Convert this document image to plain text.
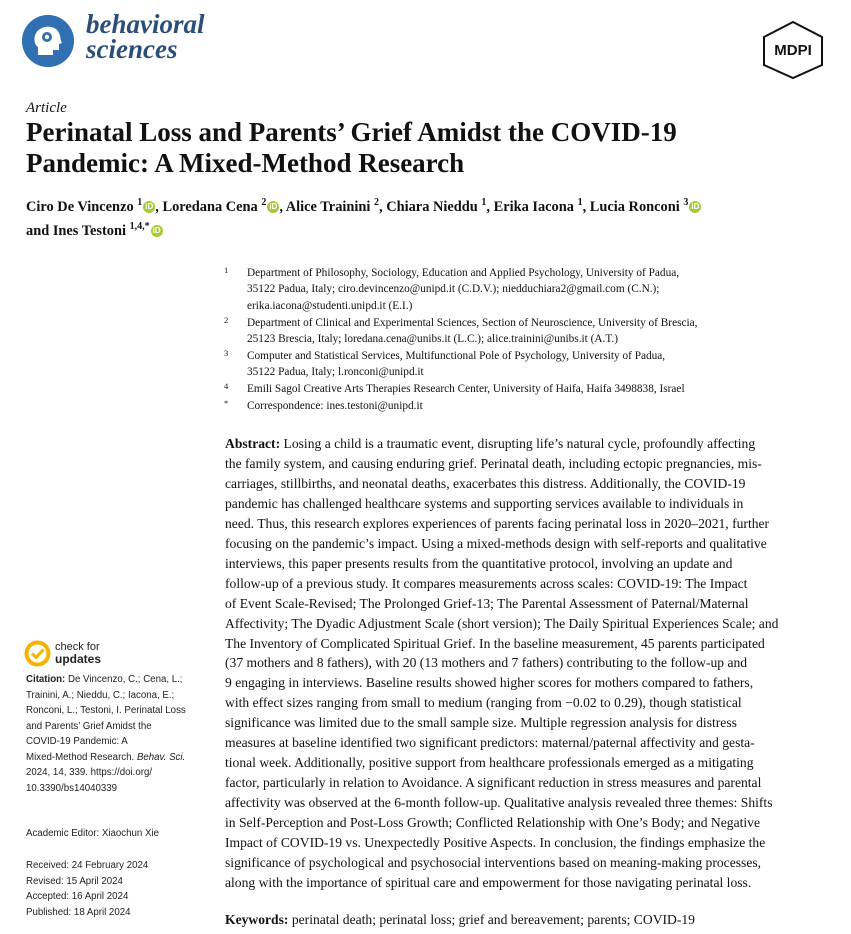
behavioral
sciences	MDPI
Article
Perinatal Loss and Parents’ Grief Amidst the COVID-19
Pandemic: A Mixed-Method Research
Ciro De Vincenzo $^1$ iD , Loredana Cena $^2$ iD , Alice Trainini $^2$, Chiara Nieddu $^1$, Erika Iacona $^1$, Lucia Ronconi $^3$ iD
and Ines Testoni $^{1,4,*}$ iD
1 Department of Philosophy, Sociology, Education and Applied Psychology, University of Padua,
35122 Padua, Italy; ciro.devincenzo@unipd.it (C.D.V.); niedduchiara2@gmail.com (C.N.);
erika.iacona@studenti.unipd.it (E.I.)
2 Department of Clinical and Experimental Sciences, Section of Neuroscience, University of Brescia,
25123 Brescia, Italy; loredana.cena@unibs.it (L.C.); alice.trainini@unibs.it (A.T.)
3 Computer and Statistical Services, Multifunctional Pole of Psychology, University of Padua,
35122 Padua, Italy; l.ronconi@unipd.it
4 Emili Sagol Creative Arts Therapies Research Center, University of Haifa, Haifa 3498838, Israel
* Correspondence: ines.testoni@unipd.it
Abstract: Losing a child is a traumatic event, disrupting life’s natural cycle, profoundly affecting
the family system, and causing enduring grief. Perinatal death, including ectopic pregnancies, mis-
carriages, stillbirths, and neonatal deaths, exacerbates this distress. Additionally, the COVID-19
pandemic has challenged healthcare systems and supporting services available to individuals in
need. Thus, this research explores experiences of parents facing perinatal loss in 2020–2021, further
focusing on the pandemic’s impact. Using a mixed-methods design with self-reports and qualitative
interviews, this paper presents results from the quantitative protocol, involving an update and
follow-up of a previous study. It compares measurements across scales: COVID-19: The Impact
of Event Scale-Revised; The Prolonged Grief-13; The Parental Assessment of Paternal/Maternal
Affectivity; The Dyadic Adjustment Scale (short version); The Daily Spiritual Experiences Scale; and
The Inventory of Complicated Spiritual Grief. In the baseline measurement, 45 parents participated
(37 mothers and 8 fathers), with 20 (13 mothers and 7 fathers) contributing to the follow-up and
9 engaging in interviews. Baseline results showed higher scores for mothers compared to fathers,
with effect sizes ranging from small to medium (ranging from −0.02 to 0.29), though statistical
significance was limited due to the small sample size. Multiple regression analysis for distress
measures at baseline identified two significant predictors: maternal/paternal affectivity and gesta-
tional week. Additionally, positive support from healthcare professionals emerged as a mitigating
factor, particularly in relation to Avoidance. A significant reduction in stress measures and parental
affectivity was observed at the 6-month follow-up. Qualitative analysis revealed three themes: Shifts
in Self-Perception and Post-Loss Growth; Conflicted Relationship with One’s Body; and Negative
Impact of COVID-19 vs. Unexpectedly Positive Aspects. In conclusion, the findings emphasize the
significance of psychological and psychosocial interventions based on meaning-making processes,
along with the importance of spiritual care and empowerment for those navigating perinatal loss.
Keywords: perinatal death; perinatal loss; grief and bereavement; parents; COVID-19
check for
updates
Citation: De Vincenzo, C.; Cena, L.;
Trainini, A.; Nieddu, C.; Iacona, E.;
Ronconi, L.; Testoni, I. Perinatal Loss
and Parents’ Grief Amidst the
COVID-19 Pandemic: A
Mixed-Method Research. Behav. Sci.
2024, 14, 339. https://doi.org/
10.3390/bs14040339
Academic Editor: Xiaochun Xie
Received: 24 February 2024
Revised: 15 April 2024
Accepted: 16 April 2024
Published: 18 April 2024
